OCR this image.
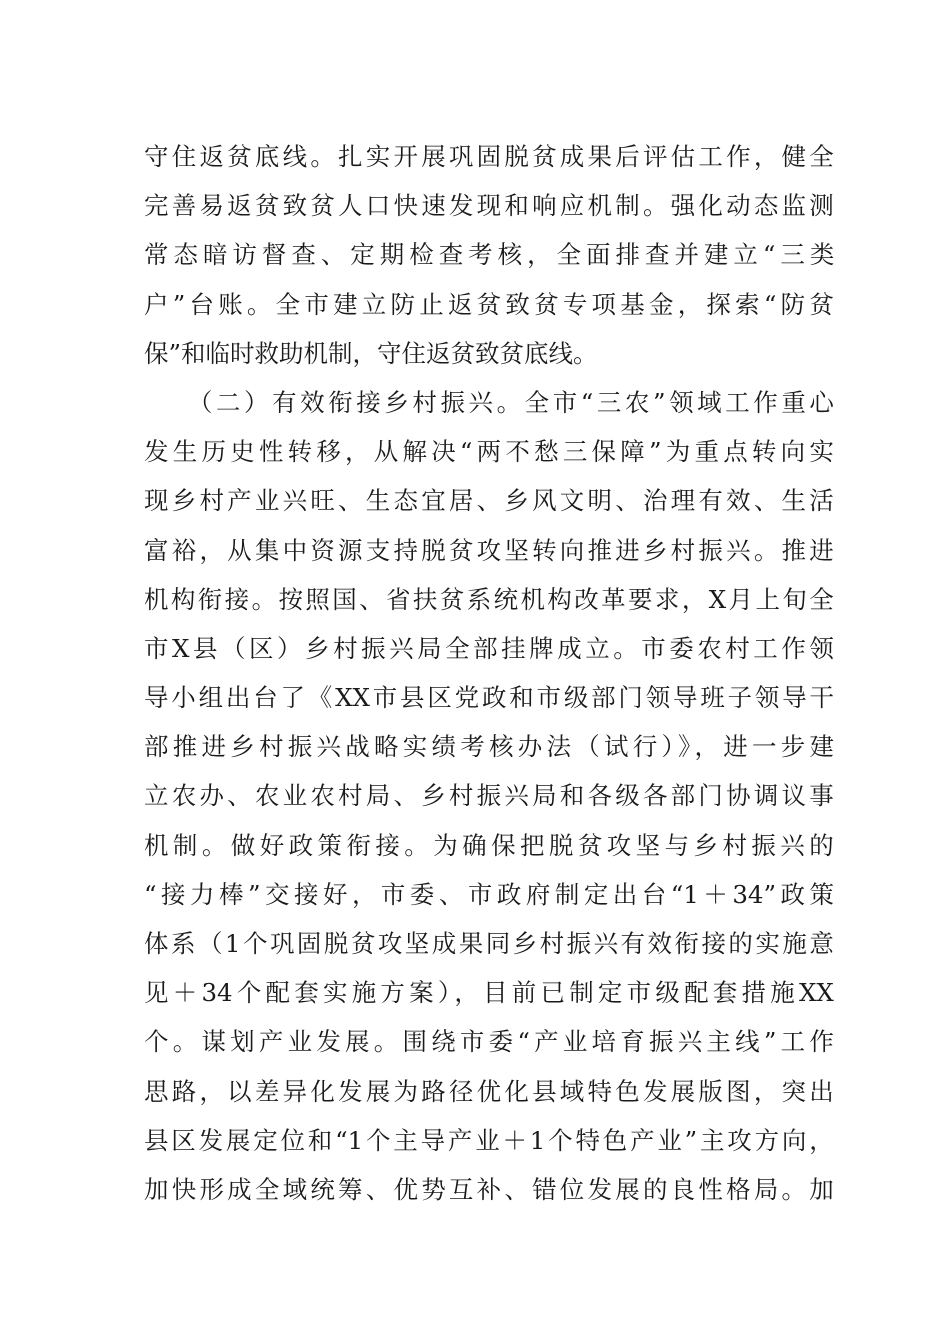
守住返贫底线。扎实开展巩固脱贫成果后评估工作，健全
完善易返贫致贫人口快速发现和响应机制。强化动态监测
常态暗访督查、定期检查考核，全面排查并建立“三类
户”台账。全市建立防止返贫致贫专项基金，探索“防贫
保”和临时救助机制，守住返贫致贫底线。
　　（二）有效衔接乡村振兴。全市“三农”领域工作重心
发生历史性转移，从解决“两不愁三保障”为重点转向实
现乡村产业兴旺、生态宜居、乡风文明、治理有效、生活
富裕，从集中资源支持脱贫攻坚转向推进乡村振兴。推进
机构衔接。按照国、省扶贫系统机构改革要求，X月上旬全
市X县（区）乡村振兴局全部挂牌成立。市委农村工作领
导小组出台了《XX市县区党政和市级部门领导班子领导干
部推进乡村振兴战略实绩考核办法（试行）》，进一步建
立农办、农业农村局、乡村振兴局和各级各部门协调议事
机制。做好政策衔接。为确保把脱贫攻坚与乡村振兴的
“接力棒”交接好，市委、市政府制定出台“1＋34”政策
体系（1个巩固脱贫攻坚成果同乡村振兴有效衔接的实施意
见＋34个配套实施方案），目前已制定市级配套措施XX
个。谋划产业发展。围绕市委“产业培育振兴主线”工作
思路，以差异化发展为路径优化县域特色发展版图，突出
县区发展定位和“1个主导产业＋1个特色产业”主攻方向，
加快形成全域统筹、优势互补、错位发展的良性格局。加
